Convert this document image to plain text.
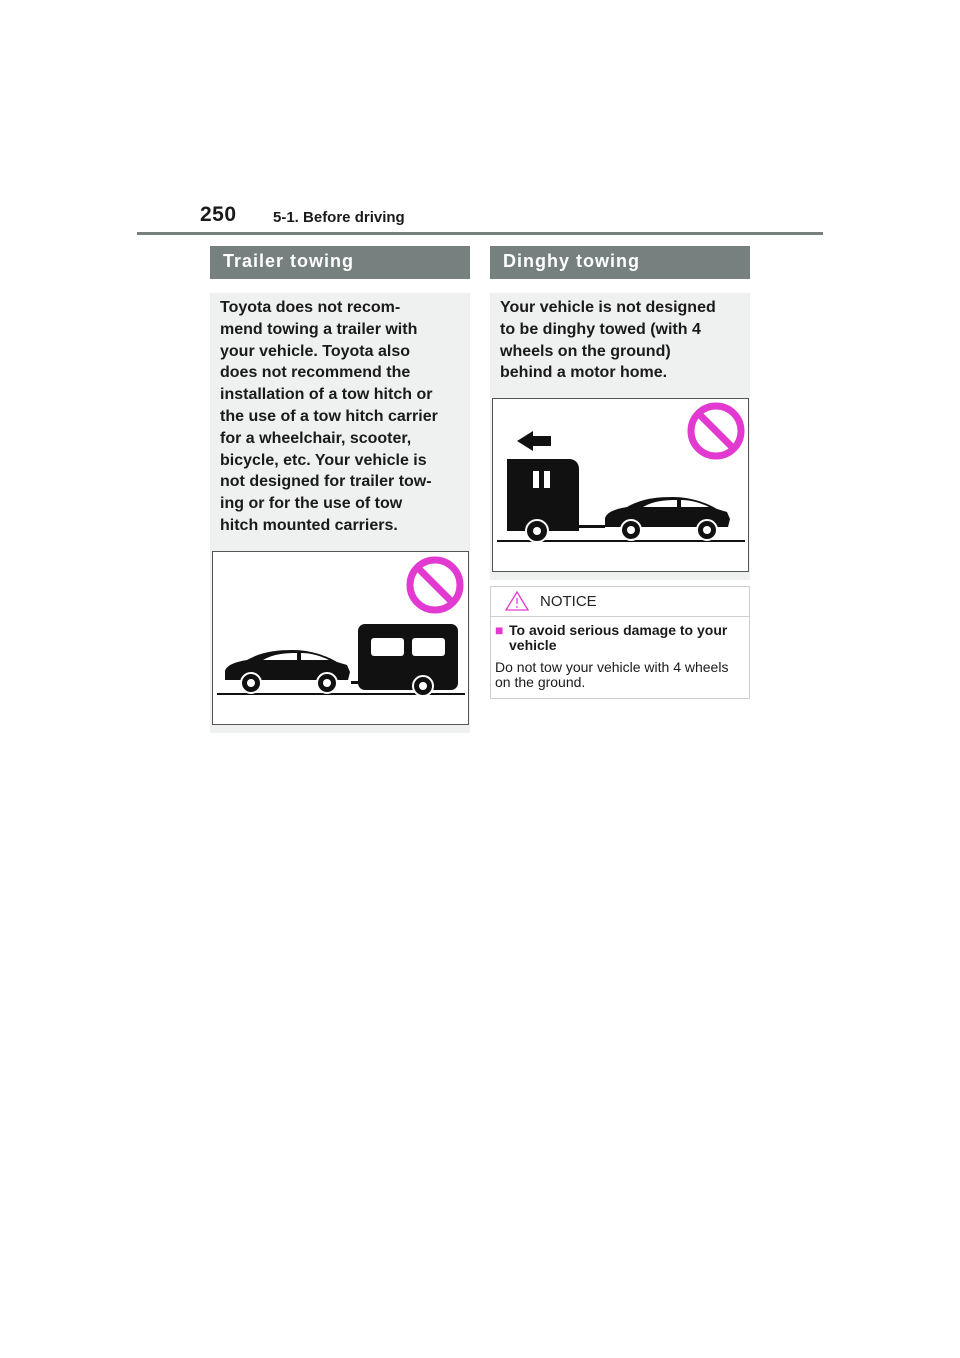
250 5-1. Before driving
Trailer towing
Toyota does not recom-
mend towing a trailer with
your vehicle. Toyota also
does not recommend the
installation of a tow hitch or
the use of a tow hitch carrier
for a wheelchair, scooter,
bicycle, etc. Your vehicle is
not designed for trailer tow-
ing or for the use of tow
hitch mounted carriers.
Dinghy towing
Your vehicle is not designed
to be dinghy towed (with 4
wheels on the ground)
behind a motor home.
NOTICE
■ To avoid serious damage to your vehicle
Do not tow your vehicle with 4 wheels on the ground.
